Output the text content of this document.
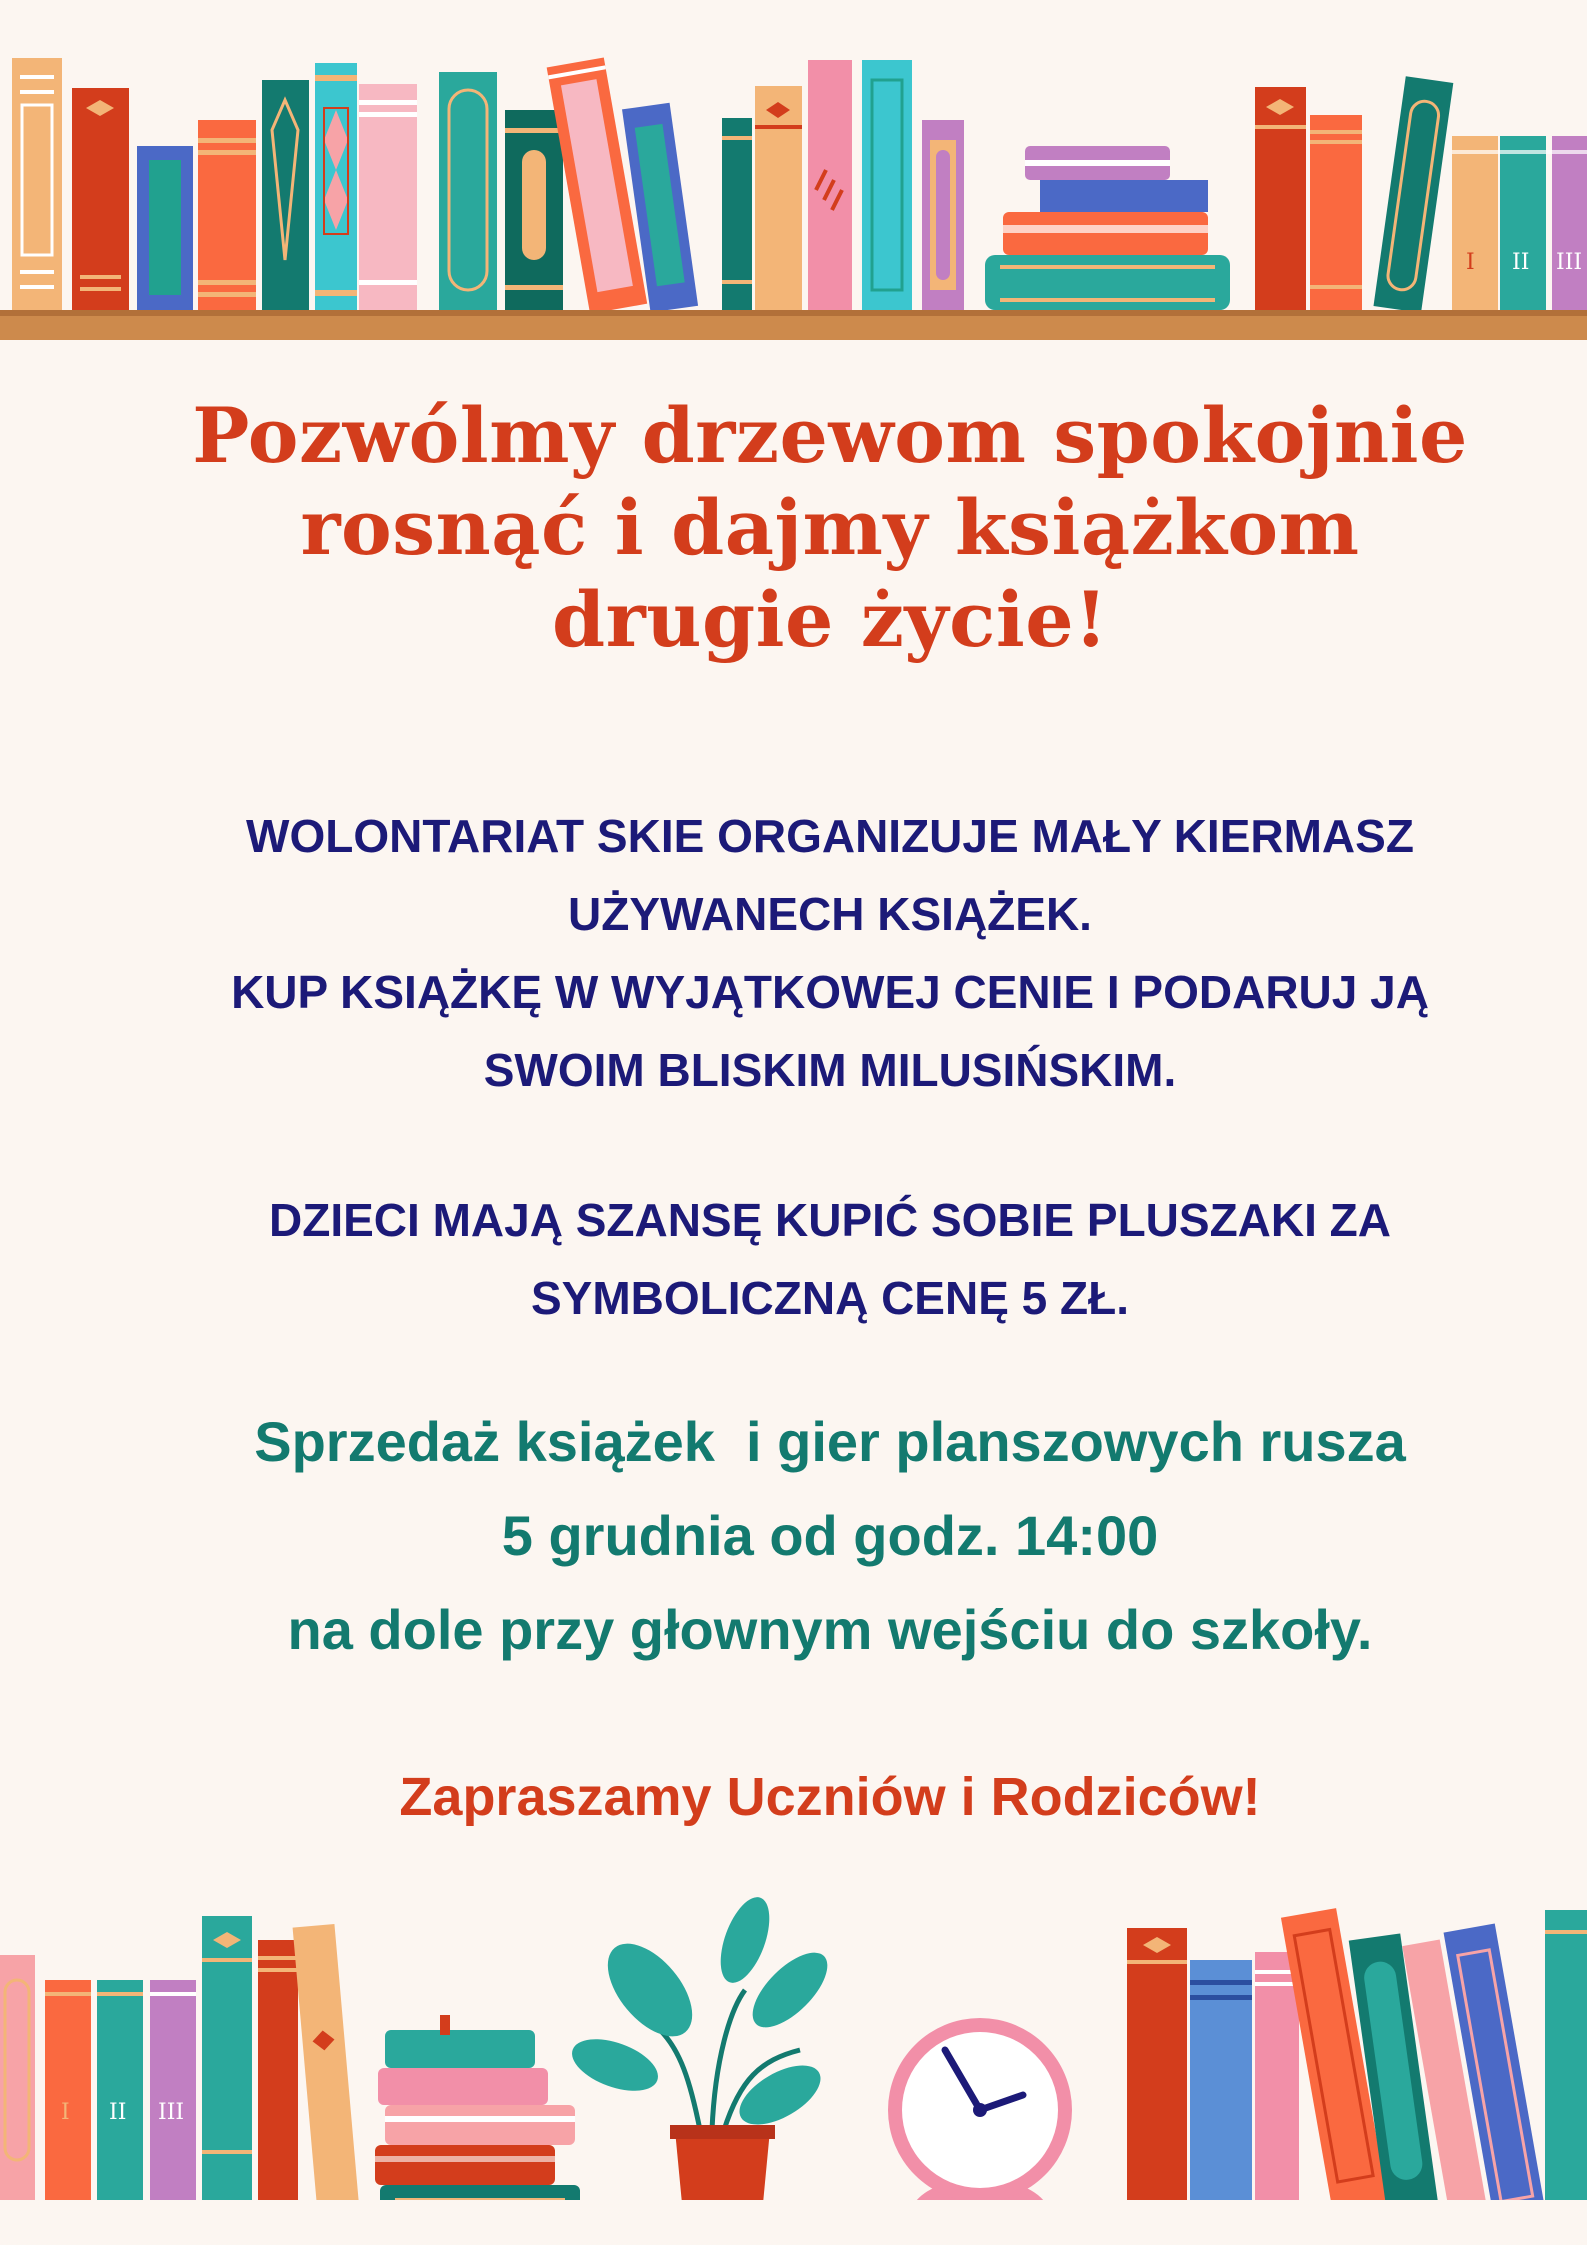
I II III
Pozwólmy drzewom spokojnie
rosnąć i dajmy książkom
drugie życie!

WOLONTARIAT SKIE ORGANIZUJE MAŁY KIERMASZ
UŻYWANECH KSIĄŻEK.
KUP KSIĄŻKĘ W WYJĄTKOWEJ CENIE I PODARUJ JĄ
SWOIM BLISKIM MILUSIŃSKIM.

DZIECI MAJĄ SZANSĘ KUPIĆ SOBIE PLUSZAKI ZA
SYMBOLICZNĄ CENĘ 5 ZŁ.

Sprzedaż książek  i gier planszowych rusza
5 grudnia od godz. 14:00
na dole przy głownym wejściu do szkoły.

Zapraszamy Uczniów i Rodziców!

I II III
